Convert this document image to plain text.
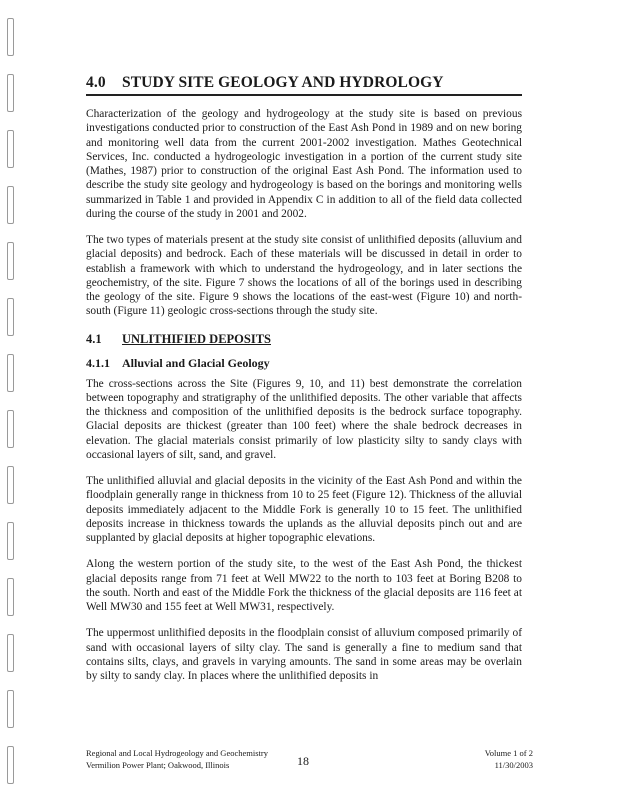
4.0 STUDY SITE GEOLOGY AND HYDROLOGY

Characterization of the geology and hydrogeology at the study site is based on previous investigations conducted prior to construction of the East Ash Pond in 1989 and on new boring and monitoring well data from the current 2001-2002 investigation. Mathes Geotechnical Services, Inc. conducted a hydrogeologic investigation in a portion of the current study site (Mathes, 1987) prior to construction of the original East Ash Pond. The information used to describe the study site geology and hydrogeology is based on the borings and monitoring wells summarized in Table 1 and provided in Appendix C in addition to all of the field data collected during the course of the study in 2001 and 2002.

The two types of materials present at the study site consist of unlithified deposits (alluvium and glacial deposits) and bedrock. Each of these materials will be discussed in detail in order to establish a framework with which to understand the hydrogeology, and in later sections the geochemistry, of the site. Figure 7 shows the locations of all of the borings used in describing the geology of the site. Figure 9 shows the locations of the east-west (Figure 10) and north-south (Figure 11) geologic cross-sections through the study site.

4.1 UNLITHIFIED DEPOSITS
4.1.1 Alluvial and Glacial Geology

The cross-sections across the Site (Figures 9, 10, and 11) best demonstrate the correlation between topography and stratigraphy of the unlithified deposits. The other variable that affects the thickness and composition of the unlithified deposits is the bedrock surface topography. Glacial deposits are thickest (greater than 100 feet) where the shale bedrock decreases in elevation. The glacial materials consist primarily of low plasticity silty to sandy clays with occasional layers of silt, sand, and gravel.

The unlithified alluvial and glacial deposits in the vicinity of the East Ash Pond and within the floodplain generally range in thickness from 10 to 25 feet (Figure 12). Thickness of the alluvial deposits immediately adjacent to the Middle Fork is generally 10 to 15 feet. The unlithified deposits increase in thickness towards the uplands as the alluvial deposits pinch out and are supplanted by glacial deposits at higher topographic elevations.

Along the western portion of the study site, to the west of the East Ash Pond, the thickest glacial deposits range from 71 feet at Well MW22 to the north to 103 feet at Boring B208 to the south. North and east of the Middle Fork the thickness of the glacial deposits are 116 feet at Well MW30 and 155 feet at Well MW31, respectively.

The uppermost unlithified deposits in the floodplain consist of alluvium composed primarily of sand with occasional layers of silty clay. The sand is generally a fine to medium sand that contains silts, clays, and gravels in varying amounts. The sand in some areas may be overlain by silty to sandy clay. In places where the unlithified deposits in

Regional and Local Hydrogeology and Geochemistry
Vermilion Power Plant; Oakwood, Illinois	18
Volume 1 of 2
11/30/2003
